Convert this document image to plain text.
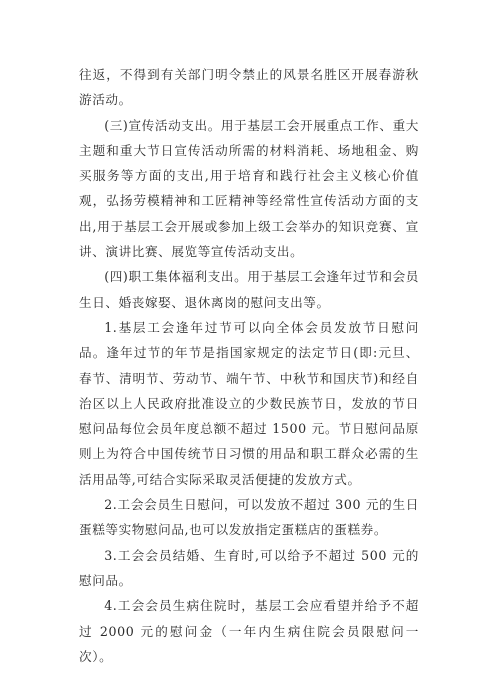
往返，不得到有关部门明令禁止的风景名胜区开展春游秋游活动。

(三)宣传活动支出。用于基层工会开展重点工作、重大主题和重大节日宣传活动所需的材料消耗、场地租金、购买服务等方面的支出,用于培育和践行社会主义核心价值观，弘扬劳模精神和工匠精神等经常性宣传活动方面的支出,用于基层工会开展或参加上级工会举办的知识竞赛、宣讲、演讲比赛、展览等宣传活动支出。

(四)职工集体福利支出。用于基层工会逢年过节和会员生日、婚丧嫁娶、退休离岗的慰问支出等。

1.基层工会逢年过节可以向全体会员发放节日慰问品。逢年过节的年节是指国家规定的法定节日(即:元旦、春节、清明节、劳动节、端午节、中秋节和国庆节)和经自治区以上人民政府批准设立的少数民族节日，发放的节日慰问品每位会员年度总额不超过 1500 元。节日慰问品原则上为符合中国传统节日习惯的用品和职工群众必需的生活用品等,可结合实际采取灵活便捷的发放方式。

2.工会会员生日慰问，可以发放不超过 300 元的生日蛋糕等实物慰问品,也可以发放指定蛋糕店的蛋糕券。

3.工会会员结婚、生育时,可以给予不超过 500 元的慰问品。

4.工会会员生病住院时，基层工会应看望并给予不超过 2000 元的慰问金（一年内生病住院会员限慰问一次）。
